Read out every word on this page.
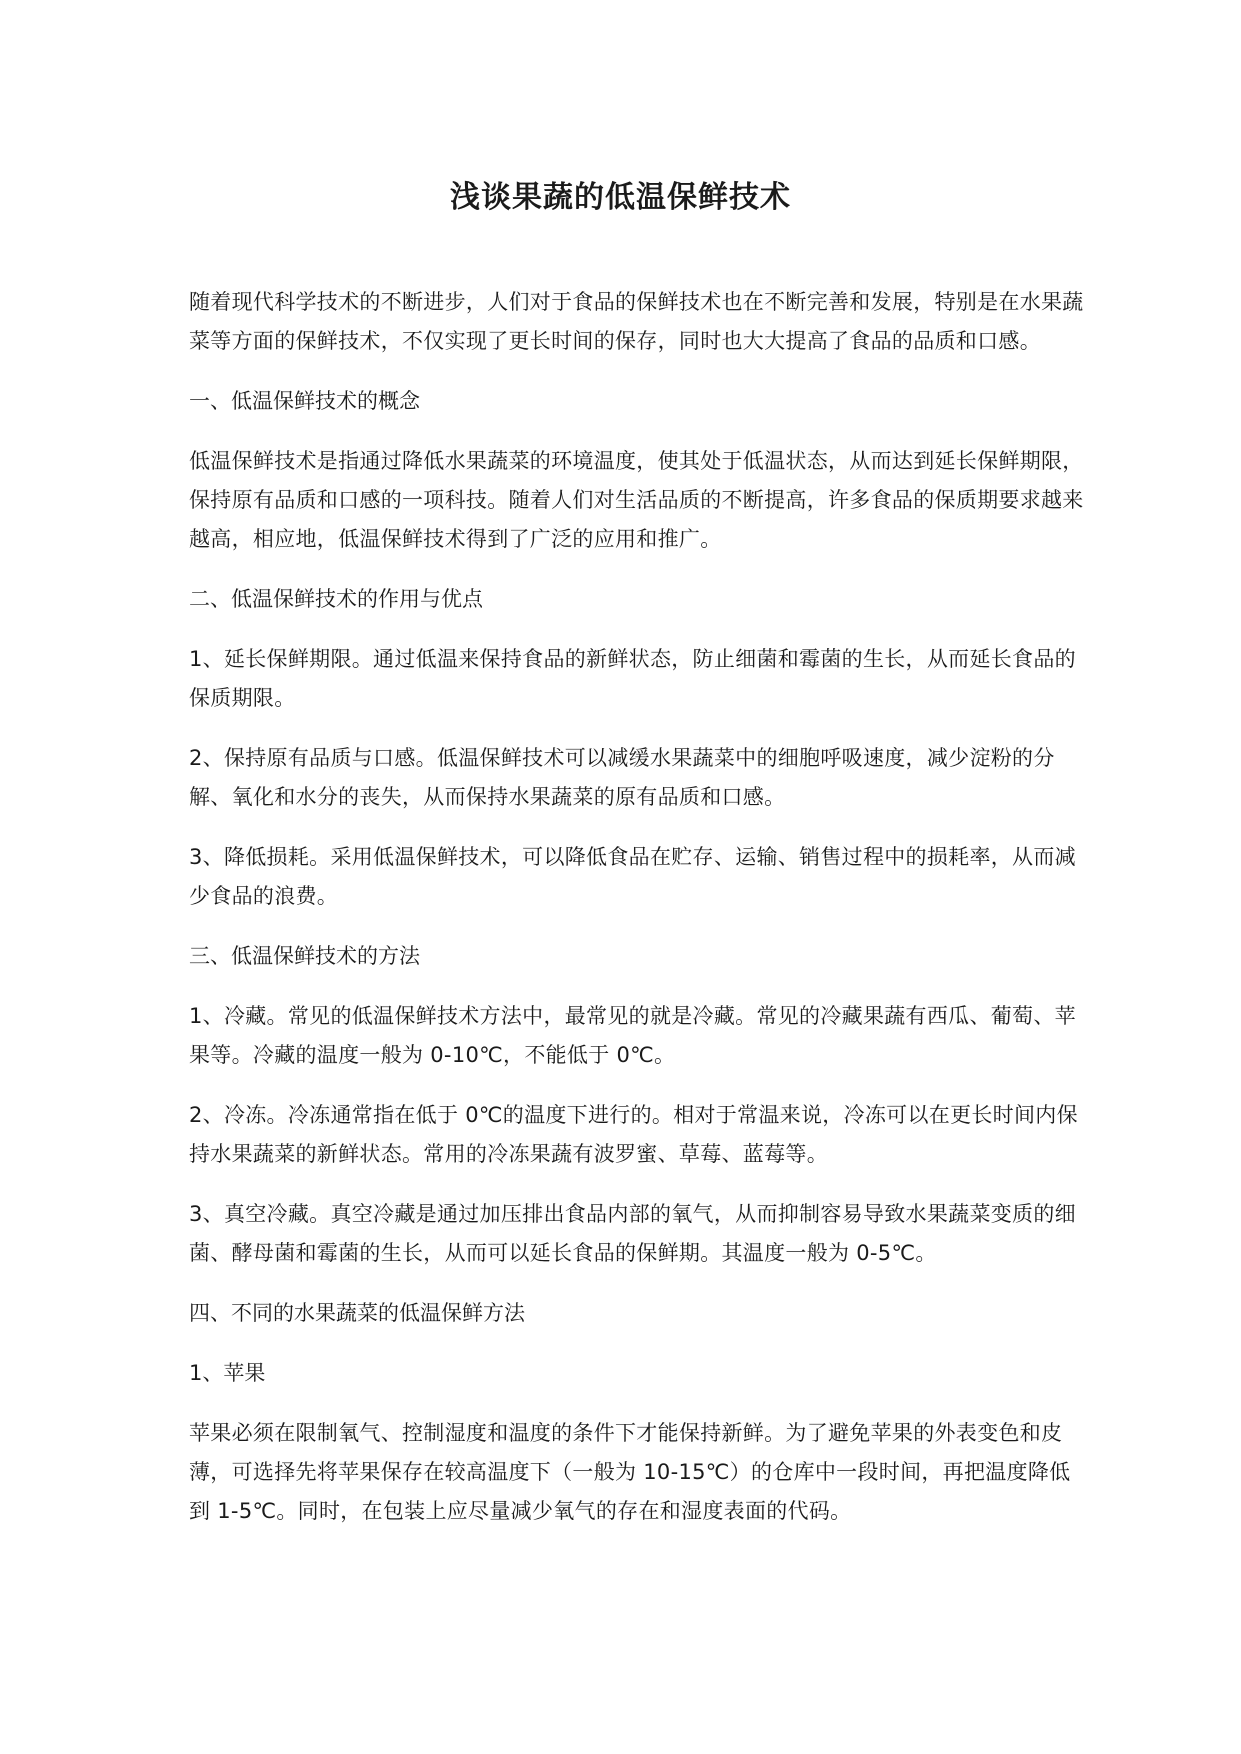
浅谈果蔬的低温保鲜技术

随着现代科学技术的不断进步，人们对于食品的保鲜技术也在不断完善和发展，特别是在水果蔬菜等方面的保鲜技术，不仅实现了更长时间的保存，同时也大大提高了食品的品质和口感。

一、低温保鲜技术的概念

低温保鲜技术是指通过降低水果蔬菜的环境温度，使其处于低温状态，从而达到延长保鲜期限，保持原有品质和口感的一项科技。随着人们对生活品质的不断提高，许多食品的保质期要求越来越高，相应地，低温保鲜技术得到了广泛的应用和推广。

二、低温保鲜技术的作用与优点

1、延长保鲜期限。通过低温来保持食品的新鲜状态，防止细菌和霉菌的生长，从而延长食品的保质期限。

2、保持原有品质与口感。低温保鲜技术可以减缓水果蔬菜中的细胞呼吸速度，减少淀粉的分解、氧化和水分的丧失，从而保持水果蔬菜的原有品质和口感。

3、降低损耗。采用低温保鲜技术，可以降低食品在贮存、运输、销售过程中的损耗率，从而减少食品的浪费。

三、低温保鲜技术的方法

1、冷藏。常见的低温保鲜技术方法中，最常见的就是冷藏。常见的冷藏果蔬有西瓜、葡萄、苹果等。冷藏的温度一般为 0-10℃，不能低于 0℃。

2、冷冻。冷冻通常指在低于 0℃的温度下进行的。相对于常温来说，冷冻可以在更长时间内保持水果蔬菜的新鲜状态。常用的冷冻果蔬有波罗蜜、草莓、蓝莓等。

3、真空冷藏。真空冷藏是通过加压排出食品内部的氧气，从而抑制容易导致水果蔬菜变质的细菌、酵母菌和霉菌的生长，从而可以延长食品的保鲜期。其温度一般为 0-5℃。

四、不同的水果蔬菜的低温保鲜方法

1、苹果

苹果必须在限制氧气、控制湿度和温度的条件下才能保持新鲜。为了避免苹果的外表变色和皮薄，可选择先将苹果保存在较高温度下（一般为 10-15℃）的仓库中一段时间，再把温度降低到 1-5℃。同时，在包装上应尽量减少氧气的存在和湿度表面的代码。
